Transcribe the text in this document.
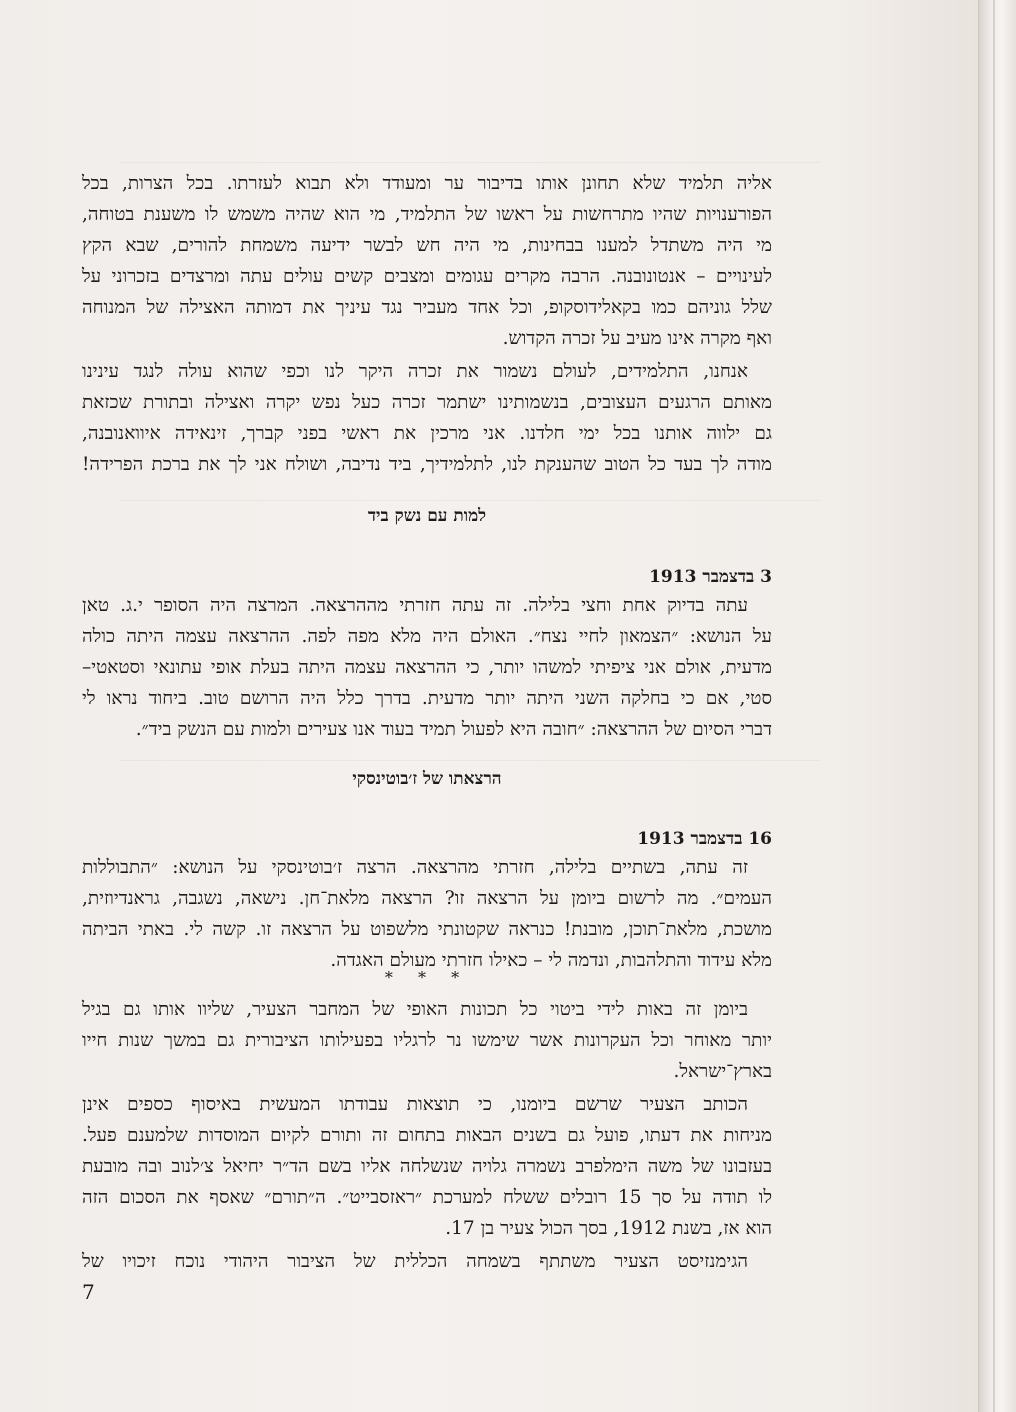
אליה תלמיד שלא תחונן אותו בדיבור ער ומעודד ולא תבוא לעזרתו. בכל הצרות, בכל
הפורענויות שהיו מתרחשות על ראשו של התלמיד, מי הוא שהיה משמש לו משענת בטוחה,
מי היה משתדל למענו בבחינות, מי היה חש לבשר ידיעה משמחת להורים, שבא הקץ
לעינויים – אנטונובנה. הרבה מקרים עגומים ומצבים קשים עולים עתה ומרצדים בזכרוני על
שלל גוניהם כמו בקאלידוסקופ, וכל אחד מעביר נגד עיניך את דמותה האצילה של המנוחה
ואף מקרה אינו מעיב על זכרה הקדוש.
אנחנו, התלמידים, לעולם נשמור את זכרה היקר לנו וכפי שהוא עולה לנגד עינינו
מאותם הרגעים העצובים, בנשמותינו ישתמר זכרה כעל נפש יקרה ואצילה ובתורת שכזאת
גם ילווה אותנו בכל ימי חלדנו. אני מרכין את ראשי בפני קברך, זינאידה איוואנובנה,
מודה לך בעד כל הטוב שהענקת לנו, לתלמידיך, ביד נדיבה, ושולח אני לך את ברכת הפרידה!
למות עם נשק ביד
3 בדצמבר 1913
עתה בדיוק אחת וחצי בלילה. זה עתה חזרתי מההרצאה. המרצה היה הסופר י.ג. טאן
על הנושא: ״הצמאון לחיי נצח״. האולם היה מלא מפה לפה. ההרצאה עצמה היתה כולה
מדעית, אולם אני ציפיתי למשהו יותר, כי ההרצאה עצמה היתה בעלת אופי עתונאי וסטאטי–
סטי, אם כי בחלקה השני היתה יותר מדעית. בדרך כלל היה הרושם טוב. ביחוד נראו לי
דברי הסיום של ההרצאה: ״חובה היא לפעול תמיד בעוד אנו צעירים ולמות עם הנשק ביד״.
הרצאתו של ז׳בוטינסקי
16 בדצמבר 1913
זה עתה, בשתיים בלילה, חזרתי מהרצאה. הרצה ז׳בוטינסקי על הנושא: ״התבוללות
העמים״. מה לרשום ביומן על הרצאה זו? הרצאה מלאת־חן. נישאה, נשגבה, גראנדיוזית,
מושכת, מלאת־תוכן, מובנת! כנראה שקטונתי מלשפוט על הרצאה זו. קשה לי. באתי הביתה
מלא עידוד והתלהבות, ונדמה לי – כאילו חזרתי מעולם האגדה.
* * *
ביומן זה באות לידי ביטוי כל תכונות האופי של המחבר הצעיר, שליוו אותו גם בגיל
יותר מאוחר וכל העקרונות אשר שימשו נר לרגליו בפעילותו הציבורית גם במשך שנות חייו
בארץ־ישראל.
הכותב הצעיר שרשם ביומנו, כי תוצאות עבודתו המעשית באיסוף כספים אינן
מניחות את דעתו, פועל גם בשנים הבאות בתחום זה ותורם לקיום המוסדות שלמענם פעל.
בעזבונו של משה הימלפרב נשמרה גלויה שנשלחה אליו בשם הד״ר יחיאל צ׳לנוב ובה מובעת
לו תודה על סך 15 רובלים ששלח למערכת ״ראזסבייט״. ה״תורם״ שאסף את הסכום הזה
הוא אז, בשנת 1912, בסך הכול צעיר בן 17.
הגימנזיסט הצעיר משתתף בשמחה הכללית של הציבור היהודי נוכח זיכויו של
7
